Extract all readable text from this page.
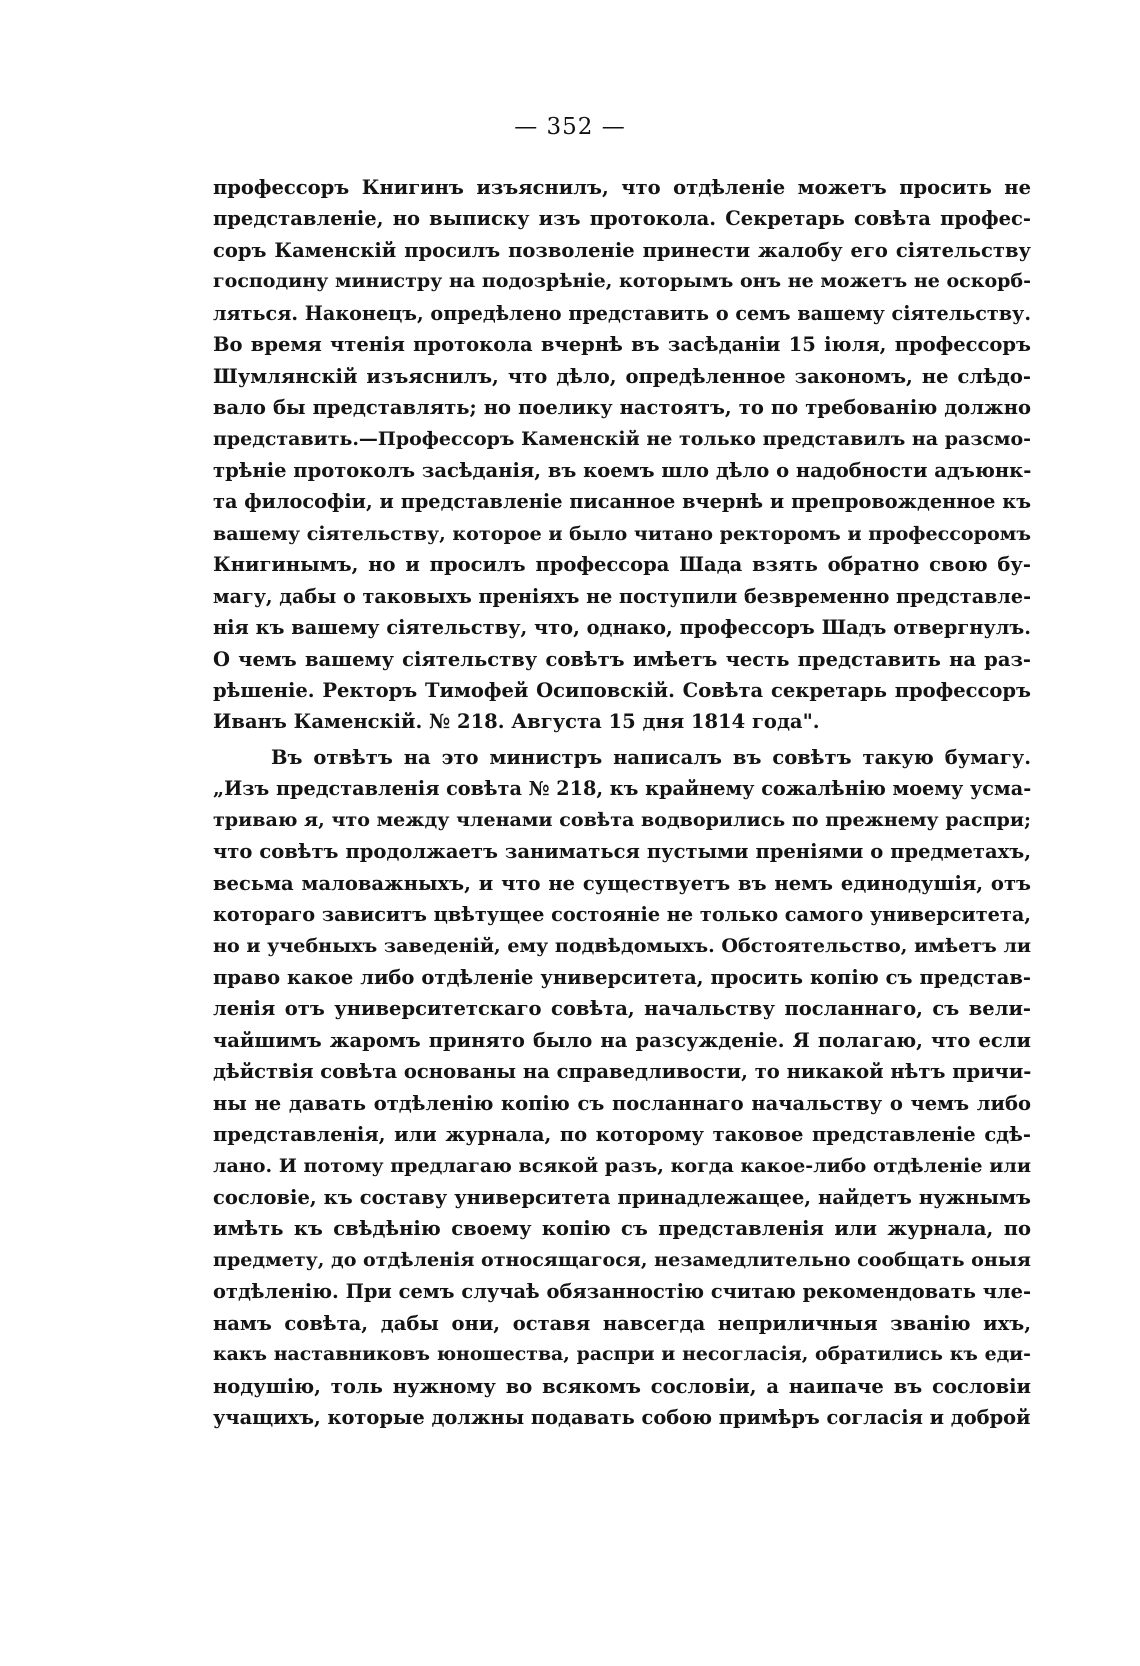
— 352 —
профессоръ Книгинъ изъяснилъ, что отдѣленіе можетъ просить не
представленіе, но выписку изъ протокола. Секретарь совѣта профес-
соръ Каменскій просилъ позволеніе принести жалобу его сіятельству
господину министру на подозрѣніе, которымъ онъ не можетъ не оскорб-
ляться. Наконецъ, опредѣлено представить о семъ вашему сіятельству.
Во время чтенія протокола вчернѣ въ засѣданіи 15 іюля, профессоръ
Шумлянскій изъяснилъ, что дѣло, опредѣленное закономъ, не слѣдо-
вало бы представлять; но поелику настоятъ, то по требованію должно
представить.—Профессоръ Каменскій не только представилъ на разсмо-
трѣніе протоколъ засѣданія, въ коемъ шло дѣло о надобности адъюнк-
та философіи, и представленіе писанное вчернѣ и препровожденное къ
вашему сіятельству, которое и было читано ректоромъ и профессоромъ
Книгинымъ, но и просилъ профессора Шада взять обратно свою бу-
магу, дабы о таковыхъ преніяхъ не поступили безвременно представле-
нія къ вашему сіятельству, что, однако, профессоръ Шадъ отвергнулъ.
О чемъ вашему сіятельству совѣтъ имѣетъ честь представить на раз-
рѣшеніе. Ректоръ Тимофей Осиповскій. Совѣта секретарь профессоръ
Иванъ Каменскій. № 218. Августа 15 дня 1814 года".
Въ отвѣтъ на это министръ написалъ въ совѣтъ такую бумагу.
„Изъ представленія совѣта № 218, къ крайнему сожалѣнію моему усма-
триваю я, что между членами совѣта водворились по прежнему распри;
что совѣтъ продолжаетъ заниматься пустыми преніями о предметахъ,
весьма маловажныхъ, и что не существуетъ въ немъ единодушія, отъ
котораго зависитъ цвѣтущее состояніе не только самого университета,
но и учебныхъ заведеній, ему подвѣдомыхъ. Обстоятельство, имѣетъ ли
право какое либо отдѣленіе университета, просить копію съ представ-
ленія отъ университетскаго совѣта, начальству посланнаго, съ вели-
чайшимъ жаромъ принято было на разсужденіе. Я полагаю, что если
дѣйствія совѣта основаны на справедливости, то никакой нѣтъ причи-
ны не давать отдѣленію копію съ посланнаго начальству о чемъ либо
представленія, или журнала, по которому таковое представленіе сдѣ-
лано. И потому предлагаю всякой разъ, когда какое-либо отдѣленіе или
сословіе, къ составу университета принадлежащее, найдетъ нужнымъ
имѣть къ свѣдѣнію своему копію съ представленія или журнала, по
предмету, до отдѣленія относящагося, незамедлительно сообщать оныя
отдѣленію. При семъ случаѣ обязанностію считаю рекомендовать чле-
намъ совѣта, дабы они, оставя навсегда неприличныя званію ихъ,
какъ наставниковъ юношества, распри и несогласія, обратились къ еди-
нодушію, толь нужному во всякомъ сословіи, а наипаче въ сословіи
учащихъ, которые должны подавать собою примѣръ согласія и доброй
